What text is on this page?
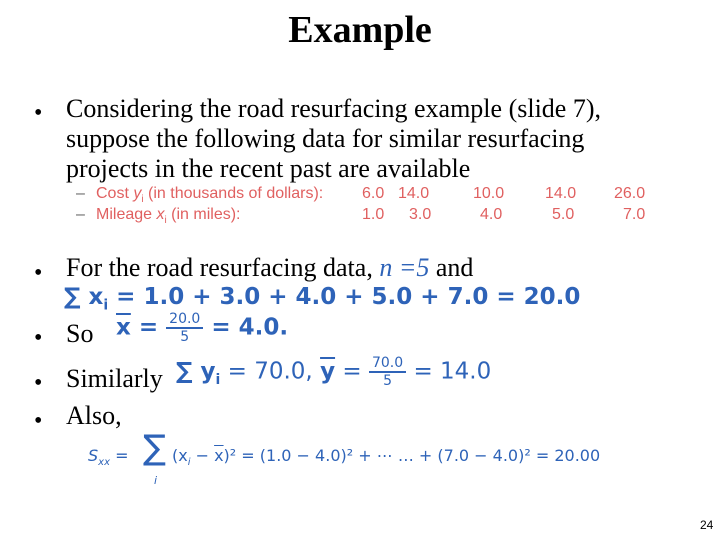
Example
• Considering the road resurfacing example (slide 7),
suppose the following data for similar resurfacing
projects in the recent past are available
– Cost $y_i$ (in thousands of dollars): 6.0 14.0	10.0	14.0 26.0
– Mileage $x_i$ (in miles):	1.0 3.0	4.0	5.0	7.0
• For the road resurfacing data, n =5 and
∑ $x_i = 1.0 + 3.0 + 4.0 + 5.0 + 7.0 = 20.0$
• So $\overline{x} = \frac{20.0}{5} = 4.0$.
• Similarly ∑ $y_i = 70.0$, $\overline{y} = \frac{70.0}{5} = 14.0$
• Also,
$S_{xx}$ = ∑
i
$(x_i - \overline{x})^2 = (1.0 - 4.0)^2$ + ⋯ … + (7.0 − 4.0)² = 20.00
24
